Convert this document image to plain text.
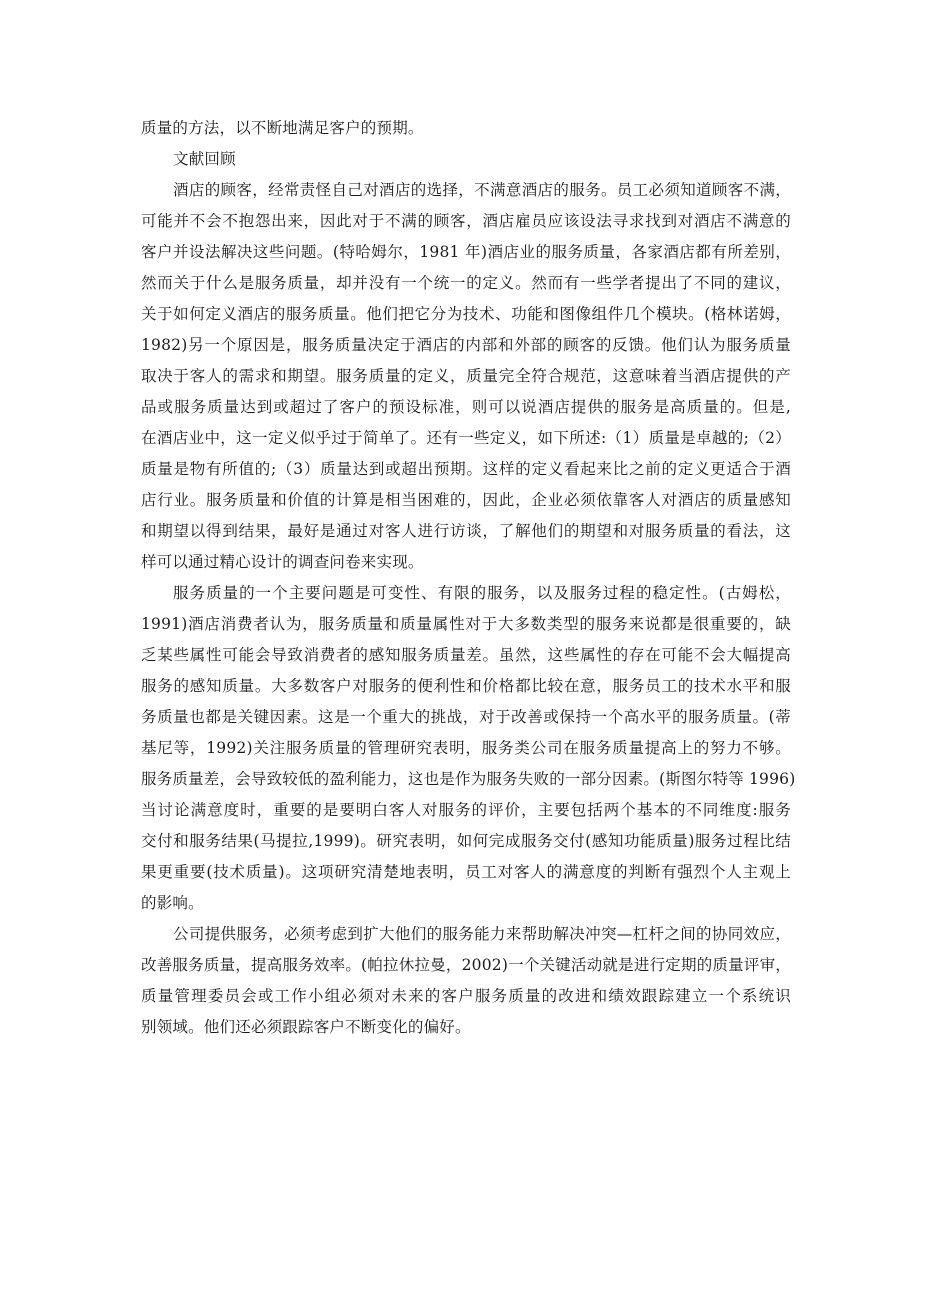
质量的方法，以不断地满足客户的预期。
文献回顾
酒店的顾客，经常责怪自己对酒店的选择，不满意酒店的服务。员工必须知道顾客不满，
可能并不会不抱怨出来，因此对于不满的顾客，酒店雇员应该设法寻求找到对酒店不满意的
客户并设法解决这些问题。(特哈姆尔，1981 年)酒店业的服务质量，各家酒店都有所差别，
然而关于什么是服务质量，却并没有一个统一的定义。然而有一些学者提出了不同的建议，
关于如何定义酒店的服务质量。他们把它分为技术、功能和图像组件几个模块。(格林诺姆，
1982)另一个原因是，服务质量决定于酒店的内部和外部的顾客的反馈。他们认为服务质量
取决于客人的需求和期望。服务质量的定义，质量完全符合规范，这意味着当酒店提供的产
品或服务质量达到或超过了客户的预设标准，则可以说酒店提供的服务是高质量的。但是,
在酒店业中，这一定义似乎过于简单了。还有一些定义，如下所述:（1）质量是卓越的;（2）
质量是物有所值的;（3）质量达到或超出预期。这样的定义看起来比之前的定义更适合于酒
店行业。服务质量和价值的计算是相当困难的，因此，企业必须依靠客人对酒店的质量感知
和期望以得到结果，最好是通过对客人进行访谈，了解他们的期望和对服务质量的看法，这
样可以通过精心设计的调查问卷来实现。
服务质量的一个主要问题是可变性、有限的服务，以及服务过程的稳定性。(古姆松，
1991)酒店消费者认为，服务质量和质量属性对于大多数类型的服务来说都是很重要的，缺
乏某些属性可能会导致消费者的感知服务质量差。虽然，这些属性的存在可能不会大幅提高
服务的感知质量。大多数客户对服务的便利性和价格都比较在意，服务员工的技术水平和服
务质量也都是关键因素。这是一个重大的挑战，对于改善或保持一个高水平的服务质量。(蒂
基尼等，1992)关注服务质量的管理研究表明，服务类公司在服务质量提高上的努力不够。
服务质量差，会导致较低的盈利能力，这也是作为服务失败的一部分因素。(斯图尔特等 1996)
当讨论满意度时，重要的是要明白客人对服务的评价，主要包括两个基本的不同维度:服务
交付和服务结果(马提拉,1999)。研究表明，如何完成服务交付(感知功能质量)服务过程比结
果更重要(技术质量)。这项研究清楚地表明，员工对客人的满意度的判断有强烈个人主观上
的影响。
公司提供服务，必须考虑到扩大他们的服务能力来帮助解决冲突—杠杆之间的协同效应，
改善服务质量，提高服务效率。(帕拉休拉曼，2002)一个关键活动就是进行定期的质量评审，
质量管理委员会或工作小组必须对未来的客户服务质量的改进和绩效跟踪建立一个系统识
别领域。他们还必须跟踪客户不断变化的偏好。
